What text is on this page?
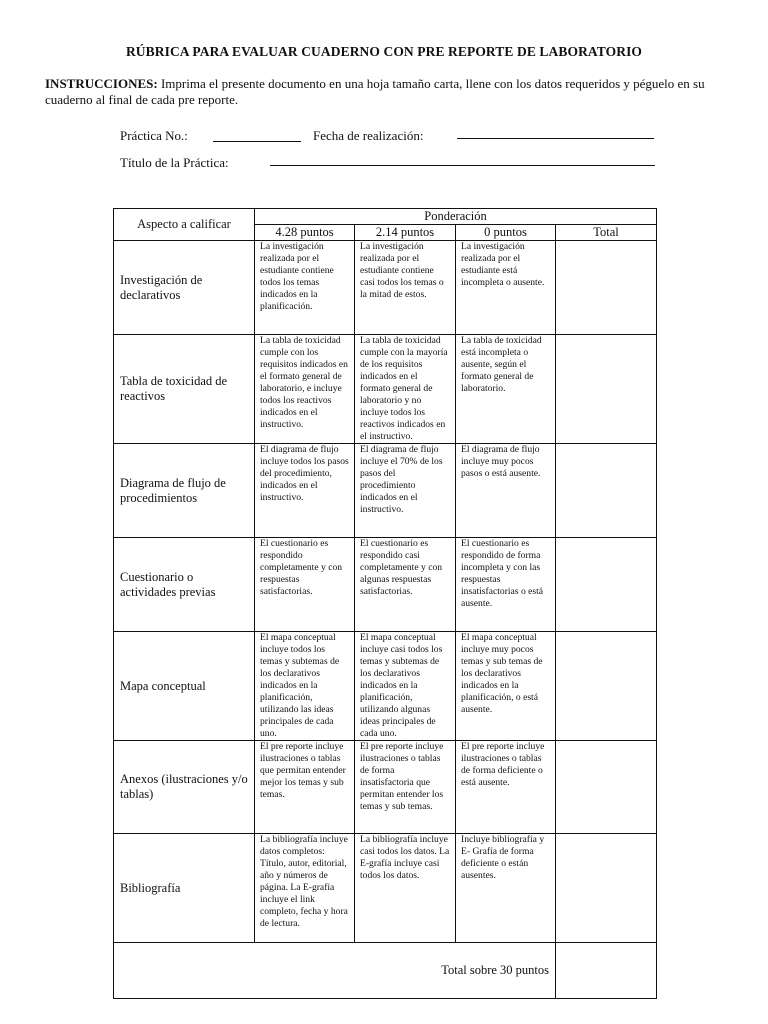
RÚBRICA PARA EVALUAR CUADERNO CON PRE REPORTE DE LABORATORIO
INSTRUCCIONES: Imprima el presente documento en una hoja tamaño carta, llene con los datos requeridos y péguelo en su cuaderno al final de cada pre reporte.
Práctica No.:	Fecha de realización:
Título de la Práctica:
Aspecto a calificar	Ponderación			
	4.28 puntos	2.14 puntos	0 puntos	Total

Investigación de declarativos	La investigación realizada por el estudiante contiene todos los temas indicados en la planificación.	La investigación realizada por el estudiante contiene casi todos los temas o la mitad de estos.	La investigación realizada por el estudiante está incompleta o ausente.	

Tabla de toxicidad de reactivos	La tabla de toxicidad cumple con los requisitos indicados en el formato general de laboratorio, e incluye todos los reactivos indicados en el instructivo.	La tabla de toxicidad cumple con la mayoría de los requisitos indicados en el formato general de laboratorio y no incluye todos los reactivos indicados en el instructivo.	La tabla de toxicidad está incompleta o ausente, según el formato general de laboratorio.	

Diagrama de flujo de procedimientos	El diagrama de flujo incluye todos los pasos del procedimiento, indicados en el instructivo.	El diagrama de flujo incluye el 70% de los pasos del procedimiento indicados en el instructivo.	El diagrama de flujo incluye muy pocos pasos o está ausente.	

Cuestionario o actividades previas	El cuestionario es respondido completamente y con respuestas satisfactorias.	El cuestionario es respondido casi completamente y con algunas respuestas satisfactorias.	El cuestionario es respondido de forma incompleta y con las respuestas insatisfactorias o está ausente.	

Mapa conceptual	El mapa conceptual incluye todos los temas y subtemas de los declarativos indicados en la planificación, utilizando las ideas principales de cada uno.	El mapa conceptual incluye casi todos los temas y subtemas de los declarativos indicados en la planificación, utilizando algunas ideas principales de cada uno.	El mapa conceptual incluye muy pocos temas y sub temas de los declarativos indicados en la planificación, o está ausente.	

Anexos (ilustraciones y/o tablas)	El pre reporte incluye ilustraciones o tablas que permitan entender mejor los temas y sub temas.	El pre reporte incluye ilustraciones o tablas de forma insatisfactoria que permitan entender los temas y sub temas.	El pre reporte incluye ilustraciones o tablas de forma deficiente o está ausente.	

Bibliografía	La bibliografía incluye datos completos: Título, autor, editorial, año y números de página. La E-grafía incluye el link completo, fecha y hora de lectura.	La bibliografía incluye casi todos los datos. La E-grafía incluye casi todos los datos.	Incluye bibliografía y E- Grafía de forma deficiente o están ausentes.	

Total sobre 30 puntos				
